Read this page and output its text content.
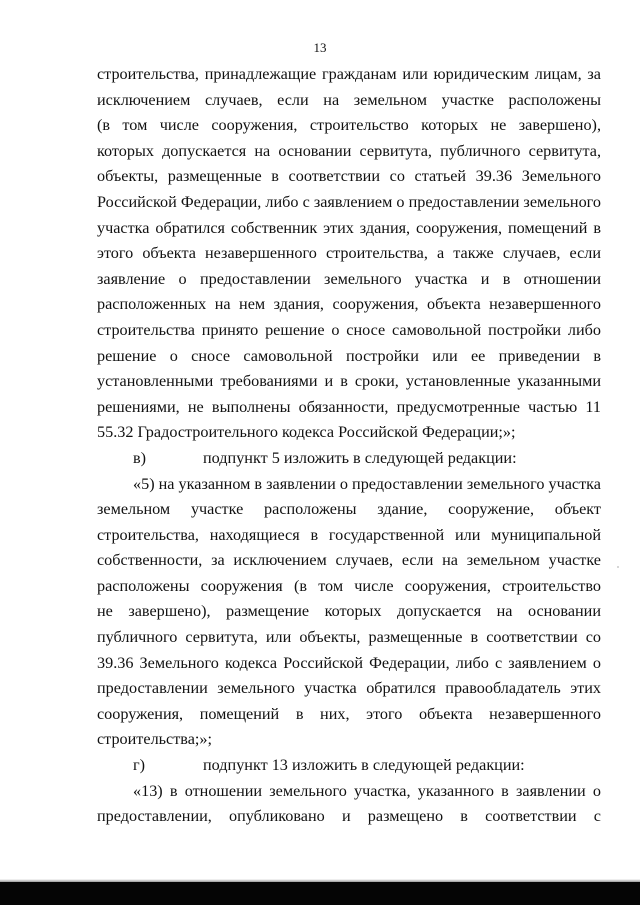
13
строительства, принадлежащие гражданам или юридическим лицам, за
исключением случаев, если на земельном участке расположены
(в том числе сооружения, строительство которых не завершено),
которых допускается на основании сервитута, публичного сервитута,
объекты, размещенные в соответствии со статьей 39.36 Земельного
Российской Федерации, либо с заявлением о предоставлении земельного
участка обратился собственник этих здания, сооружения, помещений в
этого объекта незавершенного строительства, а также случаев, если
заявление о предоставлении земельного участка и в отношении
расположенных на нем здания, сооружения, объекта незавершенного
строительства принято решение о сносе самовольной постройки либо
решение о сносе самовольной постройки или ее приведении в
установленными требованиями и в сроки, установленные указанными
решениями, не выполнены обязанности, предусмотренные частью 11
55.32 Градостроительного кодекса Российской Федерации;»;
в)	подпункт 5 изложить в следующей редакции:
«5) на указанном в заявлении о предоставлении земельного участка
земельном участке расположены здание, сооружение, объект
строительства, находящиеся в государственной или муниципальной
собственности, за исключением случаев, если на земельном участке
расположены сооружения (в том числе сооружения, строительство
не завершено), размещение которых допускается на основании
публичного сервитута, или объекты, размещенные в соответствии со
39.36 Земельного кодекса Российской Федерации, либо с заявлением о
предоставлении земельного участка обратился правообладатель этих
сооружения, помещений в них, этого объекта незавершенного
строительства;»;
г)	подпункт 13 изложить в следующей редакции:
«13) в отношении земельного участка, указанного в заявлении о
предоставлении, опубликовано и размещено в соответствии с
